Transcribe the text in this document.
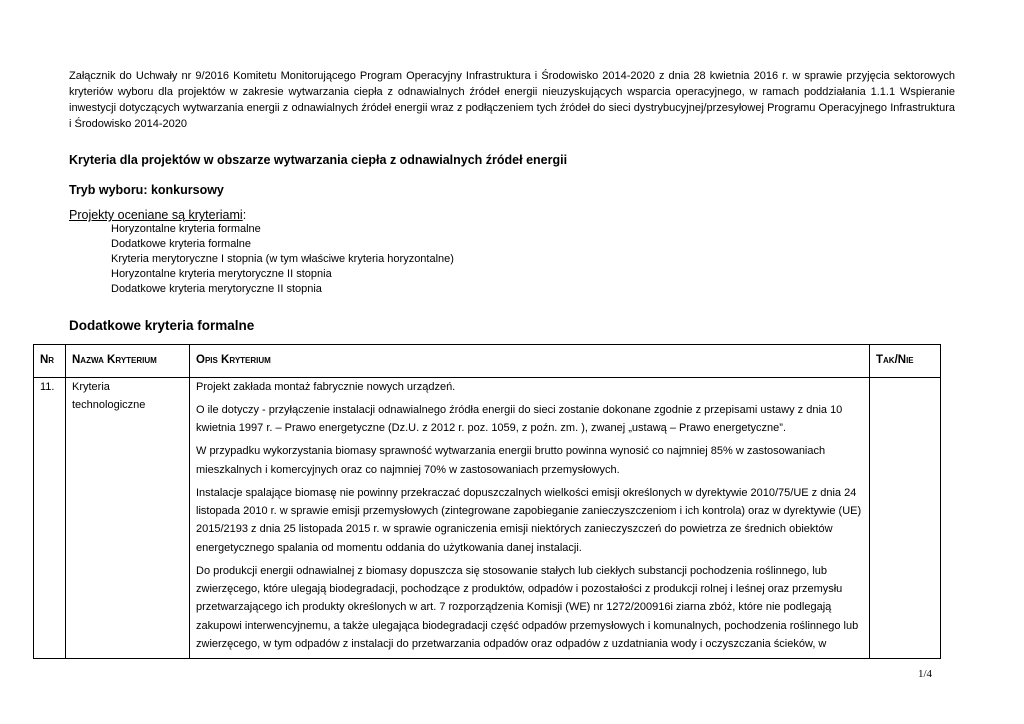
Załącznik do Uchwały nr 9/2016 Komitetu Monitorującego Program Operacyjny Infrastruktura i Środowisko 2014-2020 z dnia 28 kwietnia 2016 r. w sprawie przyjęcia sektorowych kryteriów wyboru dla projektów w zakresie wytwarzania ciepła z odnawialnych źródeł energii nieuzyskujących wsparcia operacyjnego, w ramach poddziałania 1.1.1 Wspieranie inwestycji dotyczących wytwarzania energii z odnawialnych źródeł energii wraz z podłączeniem tych źródeł do sieci dystrybucyjnej/przesyłowej Programu Operacyjnego Infrastruktura i Środowisko 2014-2020
Kryteria dla projektów w obszarze wytwarzania ciepła z odnawialnych źródeł energii
Tryb wyboru: konkursowy
Projekty oceniane są kryteriami:
Horyzontalne kryteria formalne
Dodatkowe kryteria formalne
Kryteria merytoryczne I stopnia (w tym właściwe kryteria horyzontalne)
Horyzontalne kryteria merytoryczne II stopnia
Dodatkowe kryteria merytoryczne II stopnia
Dodatkowe kryteria formalne
Nr	Nazwa Kryterium	Opis Kryterium	Tak/Nie
11.	Kryteria technologiczne	Projekt zakłada montaż fabrycznie nowych urządzeń.

O ile dotyczy - przyłączenie instalacji odnawialnego źródła energii do sieci zostanie dokonane zgodnie z przepisami ustawy z dnia 10 kwietnia 1997 r. – Prawo energetyczne (Dz.U. z 2012 r. poz. 1059, z poźn. zm. ), zwanej „ustawą – Prawo energetyczne”.

W przypadku wykorzystania biomasy sprawność wytwarzania energii brutto powinna wynosić co najmniej 85% w zastosowaniach mieszkalnych i komercyjnych oraz co najmniej 70% w zastosowaniach przemysłowych.

Instalacje spalające biomasę nie powinny przekraczać dopuszczalnych wielkości emisji określonych w dyrektywie 2010/75/UE z dnia 24 listopada 2010 r. w sprawie emisji przemysłowych (zintegrowane zapobieganie zanieczyszczeniom i ich kontrola) oraz w dyrektywie (UE) 2015/2193 z dnia 25 listopada 2015 r. w sprawie ograniczenia emisji niektórych zanieczyszczeń do powietrza ze średnich obiektów energetycznego spalania od momentu oddania do użytkowania danej instalacji.

Do produkcji energii odnawialnej z biomasy dopuszcza się stosowanie stałych lub ciekłych substancji pochodzenia roślinnego, lub zwierzęcego, które ulegają biodegradacji, pochodzące z produktów, odpadów i pozostałości z produkcji rolnej i leśnej oraz przemysłu przetwarzającego ich produkty określonych w art. 7 rozporządzenia Komisji (WE) nr 1272/200916i ziarna zbóż, które nie podlegają zakupowi interwencyjnemu, a także ulegająca biodegradacji część odpadów przemysłowych i komunalnych, pochodzenia roślinnego lub zwierzęcego, w tym odpadów z instalacji do przetwarzania odpadów oraz odpadów z uzdatniania wody i oczyszczania ścieków, w	

1/4
